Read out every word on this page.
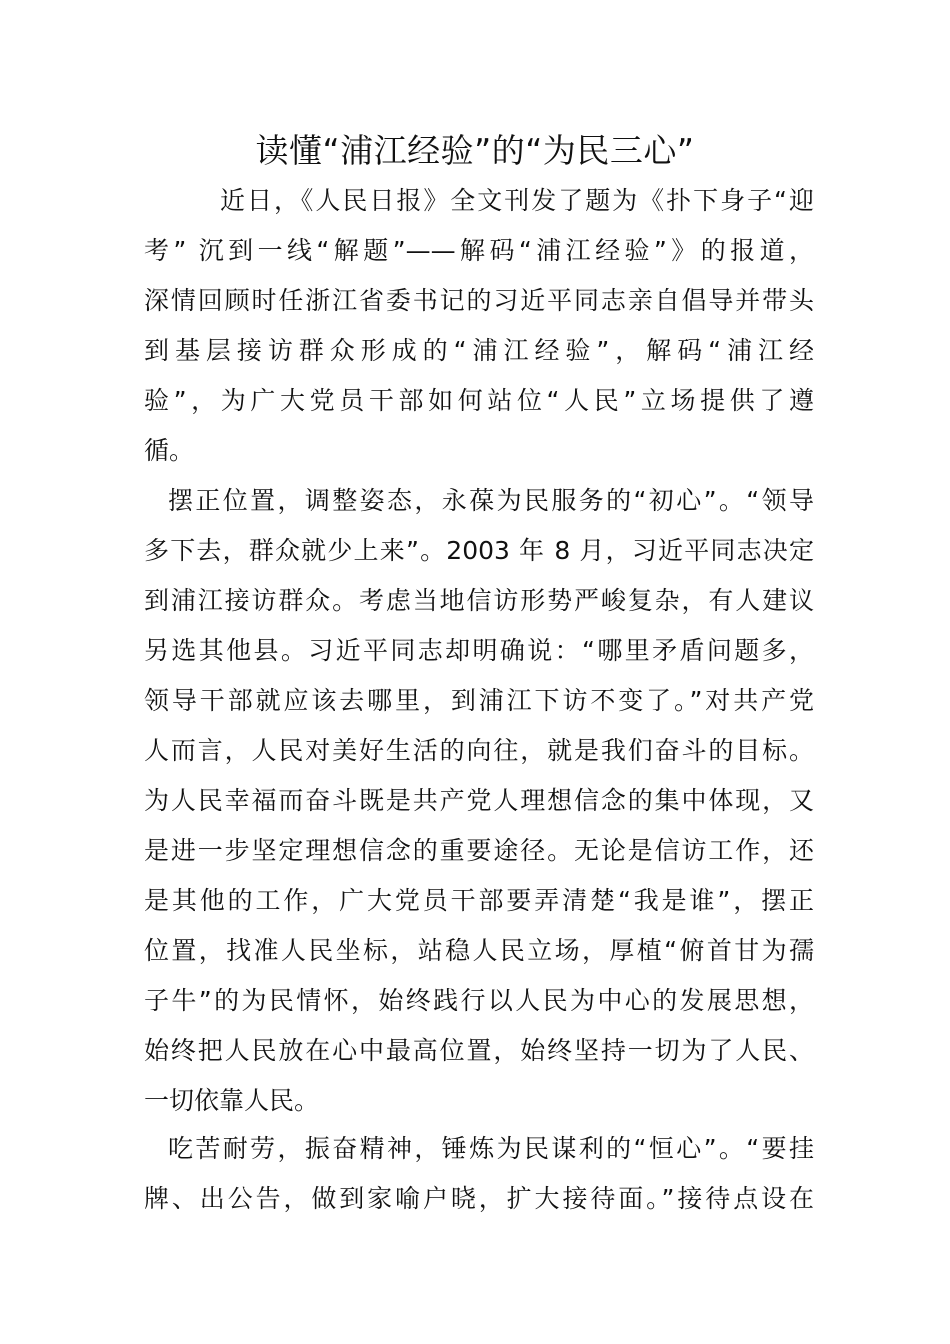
读懂“浦江经验”的“为民三心”
近日，《人民日报》全文刊发了题为《扑下身子“迎
考” 沉到一线“解题”——解码“浦江经验”》的报道，
深情回顾时任浙江省委书记的习近平同志亲自倡导并带头
到基层接访群众形成的“浦江经验”，解码“浦江经
验”，为广大党员干部如何站位“人民”立场提供了遵
循。
摆正位置，调整姿态，永葆为民服务的“初心”。“领导
多下去，群众就少上来”。2003 年 8 月，习近平同志决定
到浦江接访群众。考虑当地信访形势严峻复杂，有人建议
另选其他县。习近平同志却明确说：“哪里矛盾问题多，
领导干部就应该去哪里，到浦江下访不变了。”对共产党
人而言，人民对美好生活的向往，就是我们奋斗的目标。
为人民幸福而奋斗既是共产党人理想信念的集中体现，又
是进一步坚定理想信念的重要途径。无论是信访工作，还
是其他的工作，广大党员干部要弄清楚“我是谁”，摆正
位置，找准人民坐标，站稳人民立场，厚植“俯首甘为孺
子牛”的为民情怀，始终践行以人民为中心的发展思想，
始终把人民放在心中最高位置，始终坚持一切为了人民、
一切依靠人民。
吃苦耐劳，振奋精神，锤炼为民谋利的“恒心”。“要挂
牌、出公告，做到家喻户晓，扩大接待面。”接待点设在
